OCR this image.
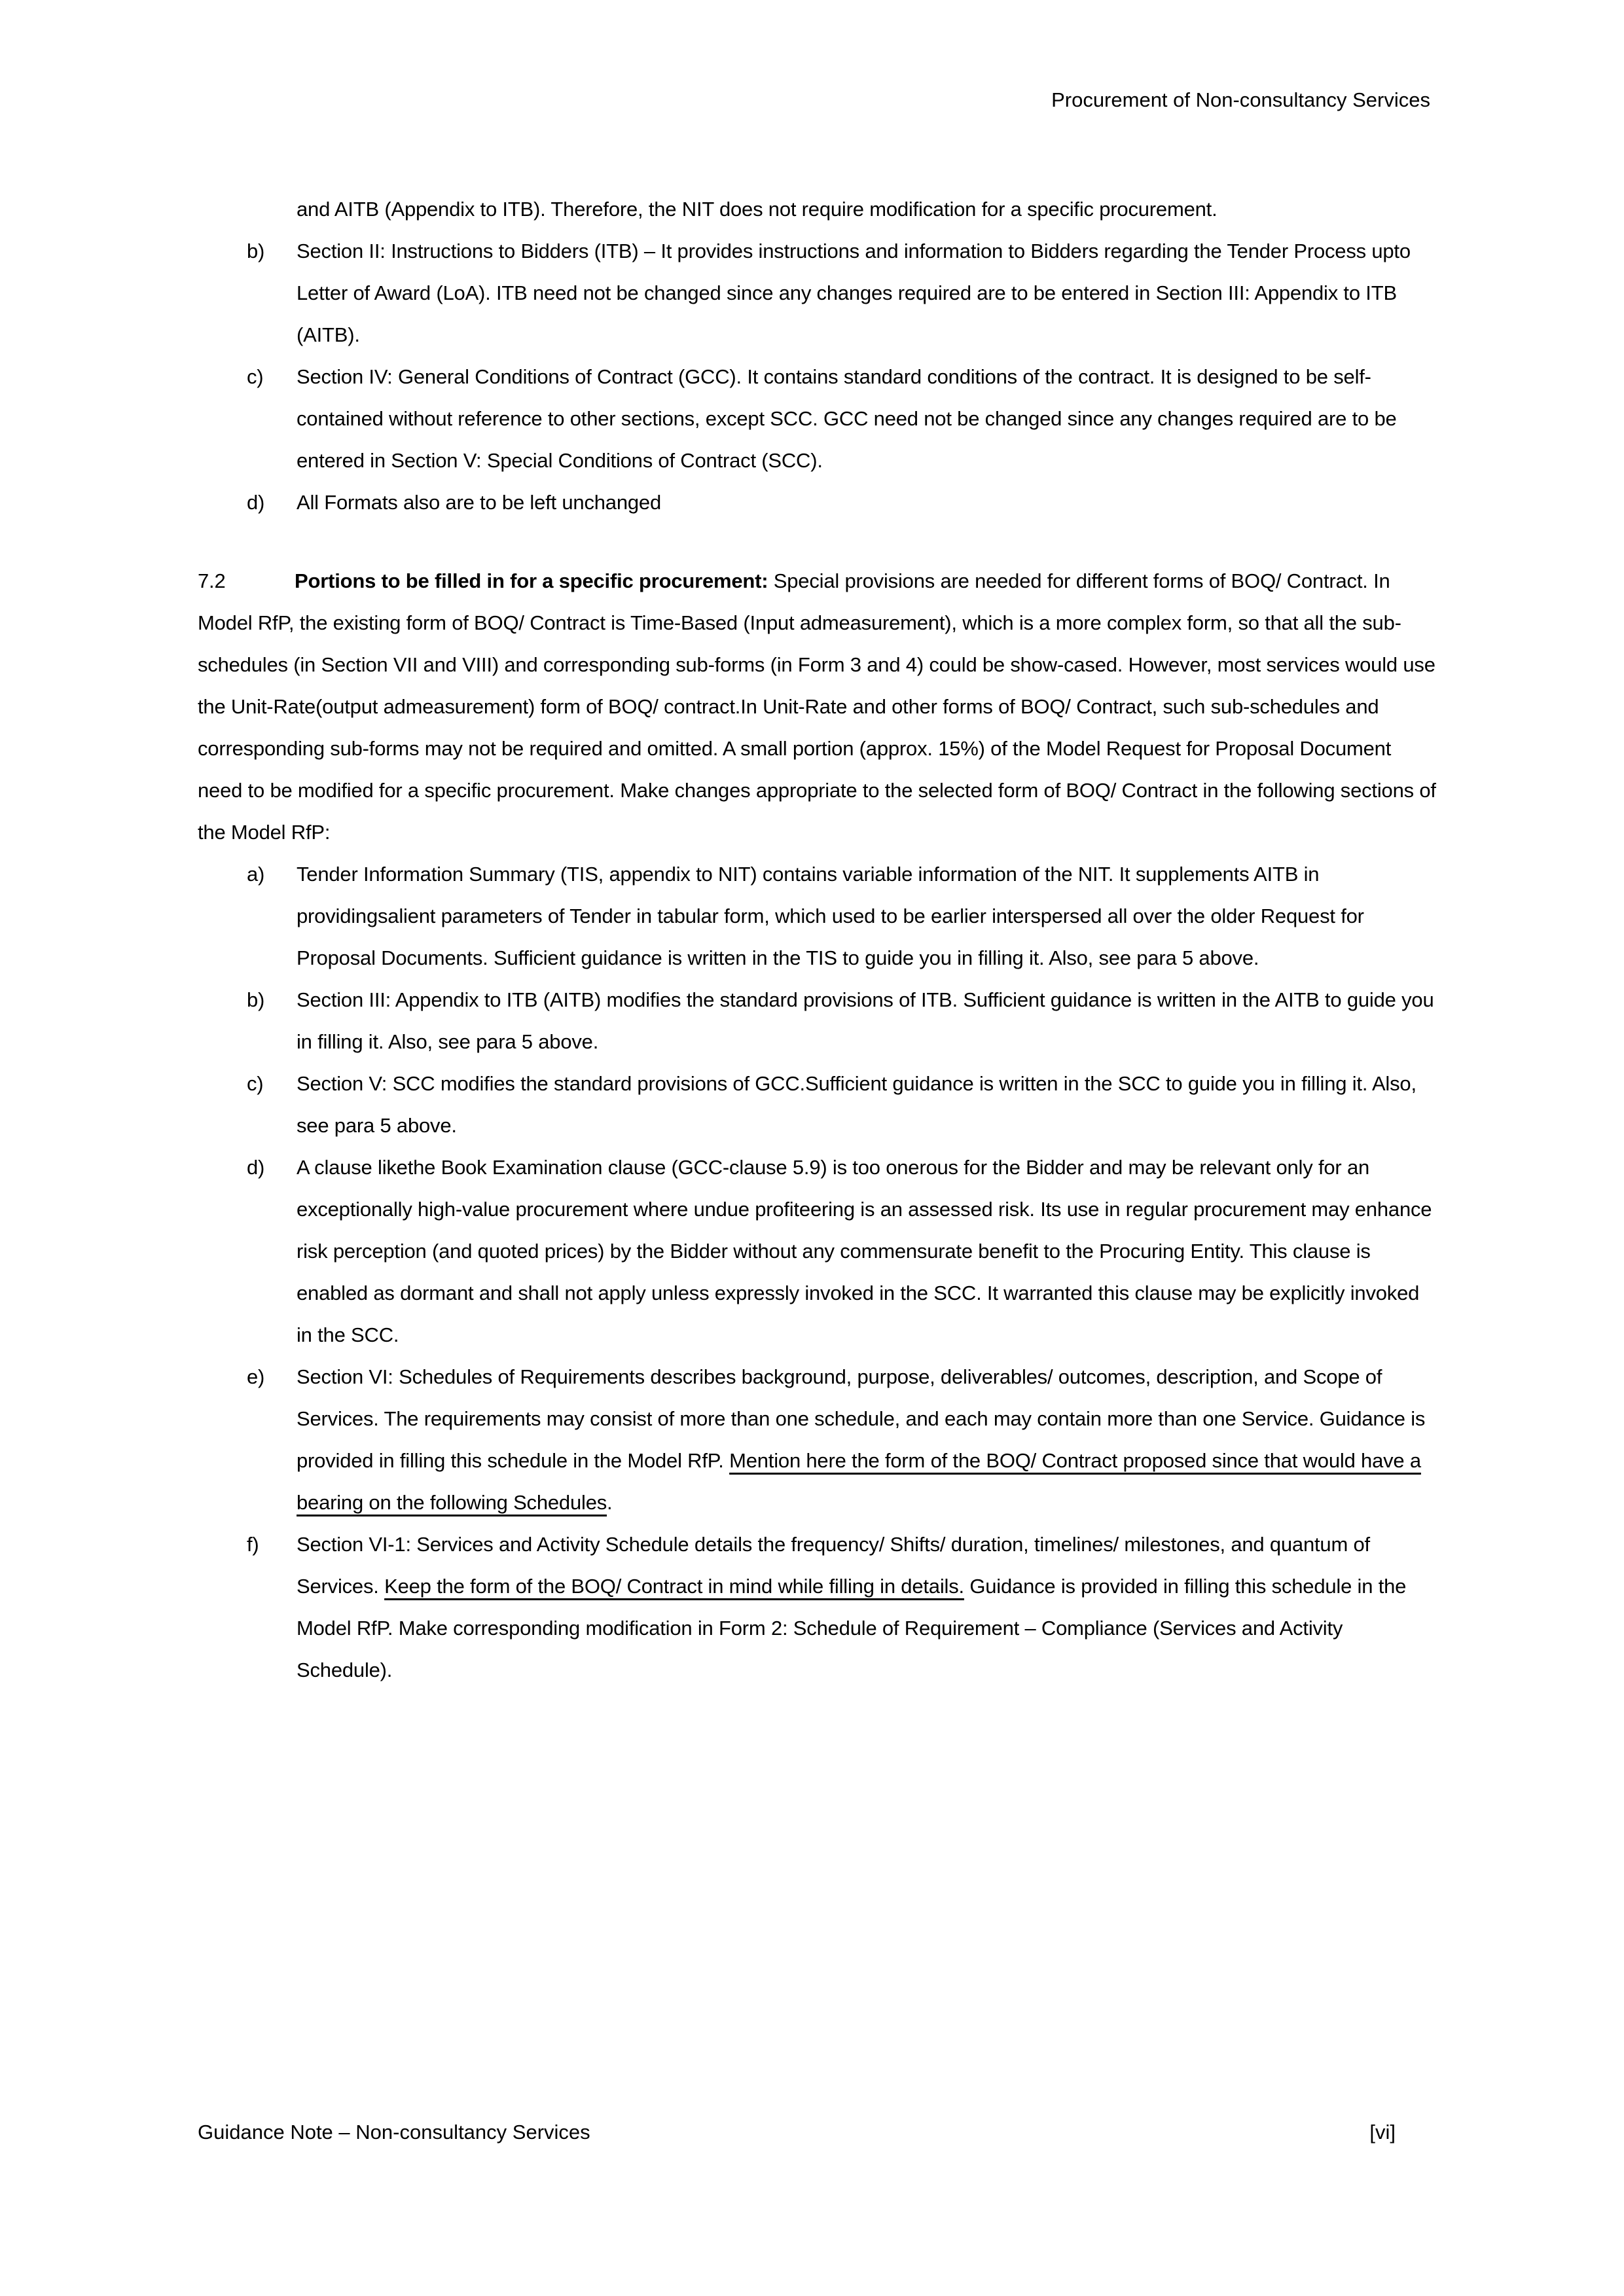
Procurement of Non-consultancy Services

and AITB (Appendix to ITB). Therefore, the NIT does not require modification for a specific procurement.

b)	Section II: Instructions to Bidders (ITB) – It provides instructions and information to Bidders regarding the Tender Process upto Letter of Award (LoA). ITB need not be changed since any changes required are to be entered in Section III: Appendix to ITB (AITB).
c)	Section IV: General Conditions of Contract (GCC). It contains standard conditions of the contract. It is designed to be self-contained without reference to other sections, except SCC. GCC need not be changed since any changes required are to be entered in Section V: Special Conditions of Contract (SCC).
d)	All Formats also are to be left unchanged

7.2	Portions to be filled in for a specific procurement: Special provisions are needed for different forms of BOQ/ Contract. In Model RfP, the existing form of BOQ/ Contract is Time-Based (Input admeasurement), which is a more complex form, so that all the sub-schedules (in Section VII and VIII) and corresponding sub-forms (in Form 3 and 4) could be show-cased. However, most services would use the Unit-Rate(output admeasurement) form of BOQ/ contract.In Unit-Rate and other forms of BOQ/ Contract, such sub-schedules and corresponding sub-forms may not be required and omitted. A small portion (approx. 15%) of the Model Request for Proposal Document need to be modified for a specific procurement. Make changes appropriate to the selected form of BOQ/ Contract in the following sections of the Model RfP:

a)	Tender Information Summary (TIS, appendix to NIT) contains variable information of the NIT. It supplements AITB in providingsalient parameters of Tender in tabular form, which used to be earlier interspersed all over the older Request for Proposal Documents. Sufficient guidance is written in the TIS to guide you in filling it. Also, see para 5 above.
b)	Section III: Appendix to ITB (AITB) modifies the standard provisions of ITB. Sufficient guidance is written in the AITB to guide you in filling it. Also, see para 5 above.
c)	Section V: SCC modifies the standard provisions of GCC.Sufficient guidance is written in the SCC to guide you in filling it. Also, see para 5 above.
d)	A clause likethe Book Examination clause (GCC-clause 5.9) is too onerous for the Bidder and may be relevant only for an exceptionally high-value procurement where undue profiteering is an assessed risk. Its use in regular procurement may enhance risk perception (and quoted prices) by the Bidder without any commensurate benefit to the Procuring Entity. This clause is enabled as dormant and shall not apply unless expressly invoked in the SCC. It warranted this clause may be explicitly invoked in the SCC.
e)	Section VI: Schedules of Requirements describes background, purpose, deliverables/ outcomes, description, and Scope of Services. The requirements may consist of more than one schedule, and each may contain more than one Service. Guidance is provided in filling this schedule in the Model RfP. Mention here the form of the BOQ/ Contract proposed since that would have a bearing on the following Schedules.
f)	Section VI-1: Services and Activity Schedule details the frequency/ Shifts/ duration, timelines/ milestones, and quantum of Services. Keep the form of the BOQ/ Contract in mind while filling in details. Guidance is provided in filling this schedule in the Model RfP. Make corresponding modification in Form 2: Schedule of Requirement – Compliance (Services and Activity Schedule).
Guidance Note – Non-consultancy Services	[vi]
